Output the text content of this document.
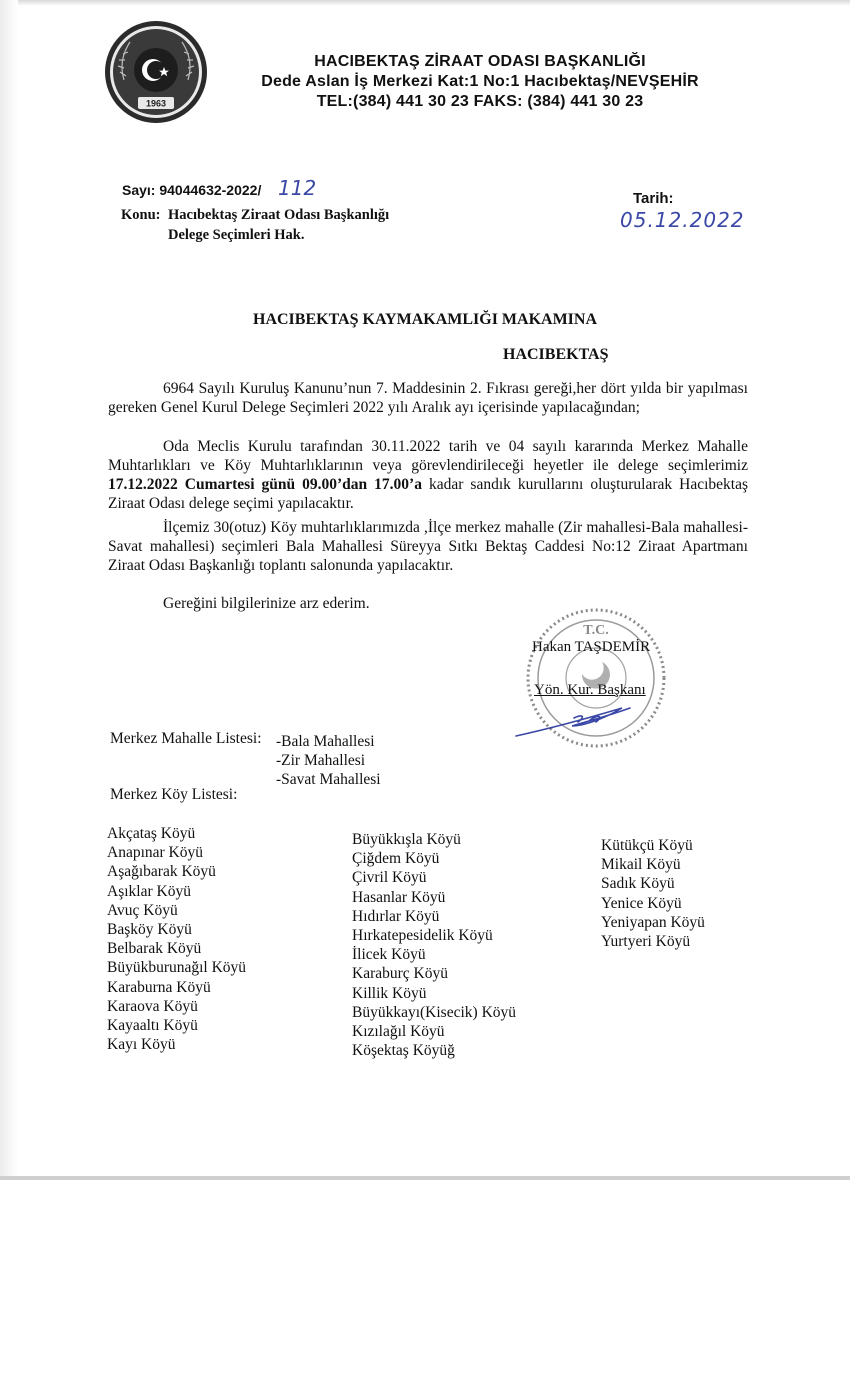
1963
HACIBEKTAŞ ZİRAAT ODASI BAŞKANLIĞI
Dede Aslan İş Merkezi Kat:1 No:1 Hacıbektaş/NEVŞEHİR
TEL:(384) 441 30 23 FAKS: (384) 441 30 23
Sayı: 94044632-2022/ 112	Tarih:
05.12.2022
Konu: Hacıbektaş Ziraat Odası Başkanlığı
Delege Seçimleri Hak.
HACIBEKTAŞ KAYMAKAMLIĞI MAKAMINA
HACIBEKTAŞ
6964 Sayılı Kuruluş Kanunu’nun 7. Maddesinin 2. Fıkrası gereği,her dört yılda bir yapılması gereken Genel Kurul Delege Seçimleri 2022 yılı Aralık ayı içerisinde yapılacağından;
Oda Meclis Kurulu tarafından 30.11.2022 tarih ve 04 sayılı kararında Merkez Mahalle Muhtarlıkları ve Köy Muhtarlıklarının veya görevlendirileceği heyetler ile delege seçimlerimiz 17.12.2022 Cumartesi günü 09.00’dan 17.00’a kadar sandık kurullarını oluşturularak Hacıbektaş Ziraat Odası delege seçimi yapılacaktır.
İlçemiz 30(otuz) Köy muhtarlıklarımızda ,İlçe merkez mahalle (Zir mahallesi-Bala mahallesi-Savat mahallesi) seçimleri Bala Mahallesi Süreyya Sıtkı Bektaş Caddesi No:12 Ziraat Apartmanı Ziraat Odası Başkanlığı toplantı salonunda yapılacaktır.
Gereğini bilgilerinize arz ederim.
T.C.
Hakan TAŞDEMİR
Yön. Kur. Başkanı
Merkez Mahalle Listesi: -Bala Mahallesi
-Zir Mahallesi
-Savat Mahallesi
Merkez Köy Listesi:
Akçataş Köyü
Anapınar Köyü
Aşağıbarak Köyü
Aşıklar Köyü
Avuç Köyü
Başköy Köyü
Belbarak Köyü
Büyükburunağıl Köyü
Karaburna Köyü
Karaova Köyü
Kayaaltı Köyü
Kayı Köyü
Büyükkışla Köyü
Çiğdem Köyü
Çivril Köyü
Hasanlar Köyü
Hıdırlar Köyü
Hırkatepesidelik Köyü
İlicek Köyü
Karaburç Köyü
Killik Köyü
Büyükkayı(Kisecik) Köyü
Kızılağıl Köyü
Köşektaş Köyüğ
Kütükçü Köyü
Mikail Köyü
Sadık Köyü
Yenice Köyü
Yeniyapan Köyü
Yurtyeri Köyü
